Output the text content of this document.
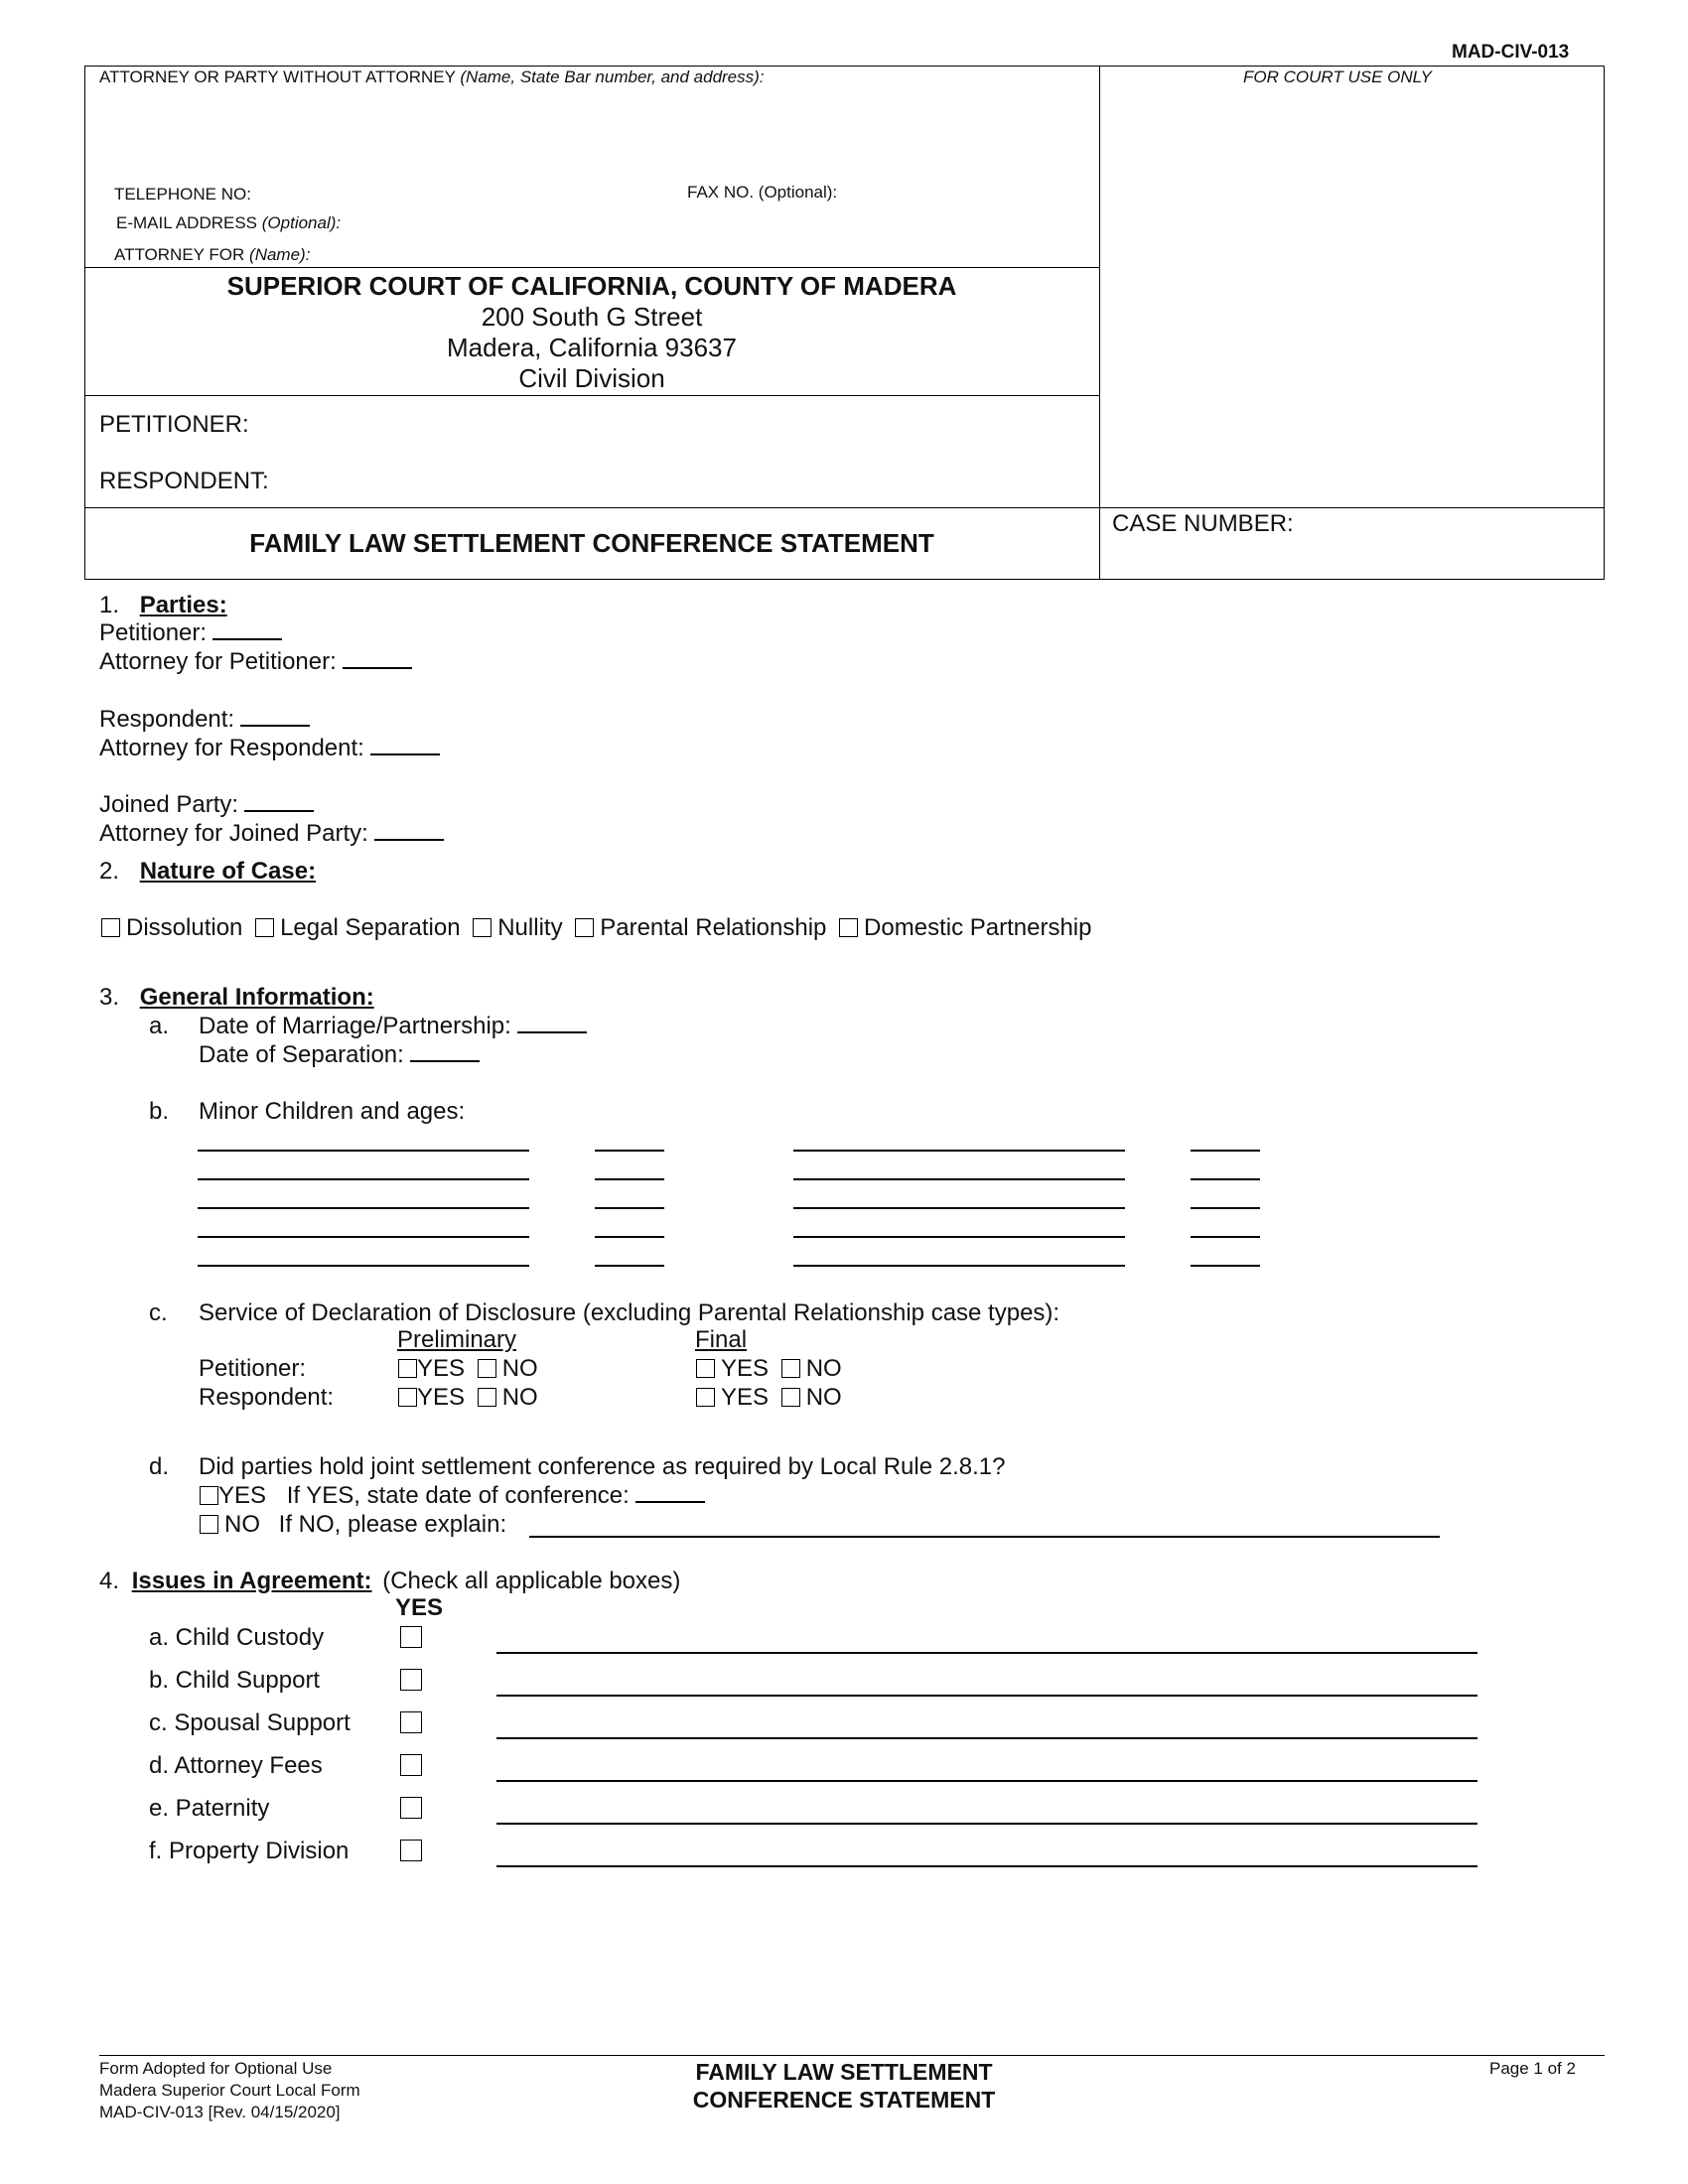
MAD-CIV-013
ATTORNEY OR PARTY WITHOUT ATTORNEY (Name, State Bar number, and address):	FOR COURT USE ONLY
TELEPHONE NO:	FAX NO. (Optional):
E-MAIL ADDRESS (Optional):
ATTORNEY FOR (Name):
SUPERIOR COURT OF CALIFORNIA, COUNTY OF MADERA
200 South G Street
Madera, California 93637
Civil Division
PETITIONER:
RESPONDENT:
FAMILY LAW SETTLEMENT CONFERENCE STATEMENT
CASE NUMBER:
1. Parties:
Petitioner:
Attorney for Petitioner:
Respondent:
Attorney for Respondent:
Joined Party:
Attorney for Joined Party:
2. Nature of Case:
Dissolution Legal Separation Nullity Parental Relationship Domestic Partnership
3. General Information:
a. Date of Marriage/Partnership:
Date of Separation:
b. Minor Children and ages:
c. Service of Declaration of Disclosure (excluding Parental Relationship case types):
Preliminary	Final
Petitioner:	YES NO	YES NO
Respondent:	YES NO	YES NO
d. Did parties hold joint settlement conference as required by Local Rule 2.8.1?
YES If YES, state date of conference:
NO If NO, please explain:
4. Issues in Agreement: (Check all applicable boxes)
YES
a. Child Custody
b. Child Support
c. Spousal Support
d. Attorney Fees
e. Paternity
f. Property Division
Form Adopted for Optional Use
Madera Superior Court Local Form
MAD-CIV-013 [Rev. 04/15/2020]
FAMILY LAW SETTLEMENT
CONFERENCE STATEMENT
Page 1 of 2
